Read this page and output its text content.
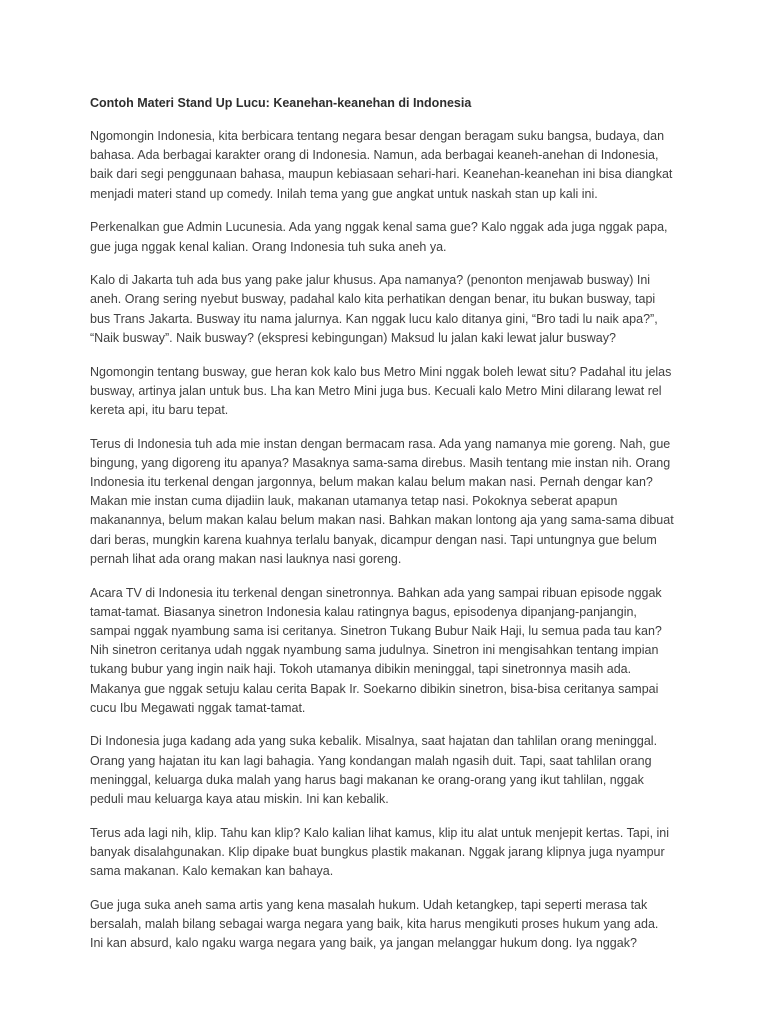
Contoh Materi Stand Up Lucu: Keanehan-keanehan di Indonesia
Ngomongin Indonesia, kita berbicara tentang negara besar dengan beragam suku bangsa, budaya, dan
bahasa. Ada berbagai karakter orang di Indonesia. Namun, ada berbagai keaneh-anehan di Indonesia,
baik dari segi penggunaan bahasa, maupun kebiasaan sehari-hari. Keanehan-keanehan ini bisa diangkat
menjadi materi stand up comedy. Inilah tema yang gue angkat untuk naskah stan up kali ini.
Perkenalkan gue Admin Lucunesia. Ada yang nggak kenal sama gue? Kalo nggak ada juga nggak papa,
gue juga nggak kenal kalian. Orang Indonesia tuh suka aneh ya.
Kalo di Jakarta tuh ada bus yang pake jalur khusus. Apa namanya? (penonton menjawab busway) Ini
aneh. Orang sering nyebut busway, padahal kalo kita perhatikan dengan benar, itu bukan busway, tapi
bus Trans Jakarta. Busway itu nama jalurnya. Kan nggak lucu kalo ditanya gini, “Bro tadi lu naik apa?”,
“Naik busway”. Naik busway? (ekspresi kebingungan) Maksud lu jalan kaki lewat jalur busway?
Ngomongin tentang busway, gue heran kok kalo bus Metro Mini nggak boleh lewat situ? Padahal itu jelas
busway, artinya jalan untuk bus. Lha kan Metro Mini juga bus. Kecuali kalo Metro Mini dilarang lewat rel
kereta api, itu baru tepat.
Terus di Indonesia tuh ada mie instan dengan bermacam rasa. Ada yang namanya mie goreng. Nah, gue
bingung, yang digoreng itu apanya? Masaknya sama-sama direbus. Masih tentang mie instan nih. Orang
Indonesia itu terkenal dengan jargonnya, belum makan kalau belum makan nasi. Pernah dengar kan?
Makan mie instan cuma dijadiin lauk, makanan utamanya tetap nasi. Pokoknya seberat apapun
makanannya, belum makan kalau belum makan nasi. Bahkan makan lontong aja yang sama-sama dibuat
dari beras, mungkin karena kuahnya terlalu banyak, dicampur dengan nasi. Tapi untungnya gue belum
pernah lihat ada orang makan nasi lauknya nasi goreng.
Acara TV di Indonesia itu terkenal dengan sinetronnya. Bahkan ada yang sampai ribuan episode nggak
tamat-tamat. Biasanya sinetron Indonesia kalau ratingnya bagus, episodenya dipanjang-panjangin,
sampai nggak nyambung sama isi ceritanya. Sinetron Tukang Bubur Naik Haji, lu semua pada tau kan?
Nih sinetron ceritanya udah nggak nyambung sama judulnya. Sinetron ini mengisahkan tentang impian
tukang bubur yang ingin naik haji. Tokoh utamanya dibikin meninggal, tapi sinetronnya masih ada.
Makanya gue nggak setuju kalau cerita Bapak Ir. Soekarno dibikin sinetron, bisa-bisa ceritanya sampai
cucu Ibu Megawati nggak tamat-tamat.
Di Indonesia juga kadang ada yang suka kebalik. Misalnya, saat hajatan dan tahlilan orang meninggal.
Orang yang hajatan itu kan lagi bahagia. Yang kondangan malah ngasih duit. Tapi, saat tahlilan orang
meninggal, keluarga duka malah yang harus bagi makanan ke orang-orang yang ikut tahlilan, nggak
peduli mau keluarga kaya atau miskin. Ini kan kebalik.
Terus ada lagi nih, klip. Tahu kan klip? Kalo kalian lihat kamus, klip itu alat untuk menjepit kertas. Tapi, ini
banyak disalahgunakan. Klip dipake buat bungkus plastik makanan. Nggak jarang klipnya juga nyampur
sama makanan. Kalo kemakan kan bahaya.
Gue juga suka aneh sama artis yang kena masalah hukum. Udah ketangkep, tapi seperti merasa tak
bersalah, malah bilang sebagai warga negara yang baik, kita harus mengikuti proses hukum yang ada.
Ini kan absurd, kalo ngaku warga negara yang baik, ya jangan melanggar hukum dong. Iya nggak?
